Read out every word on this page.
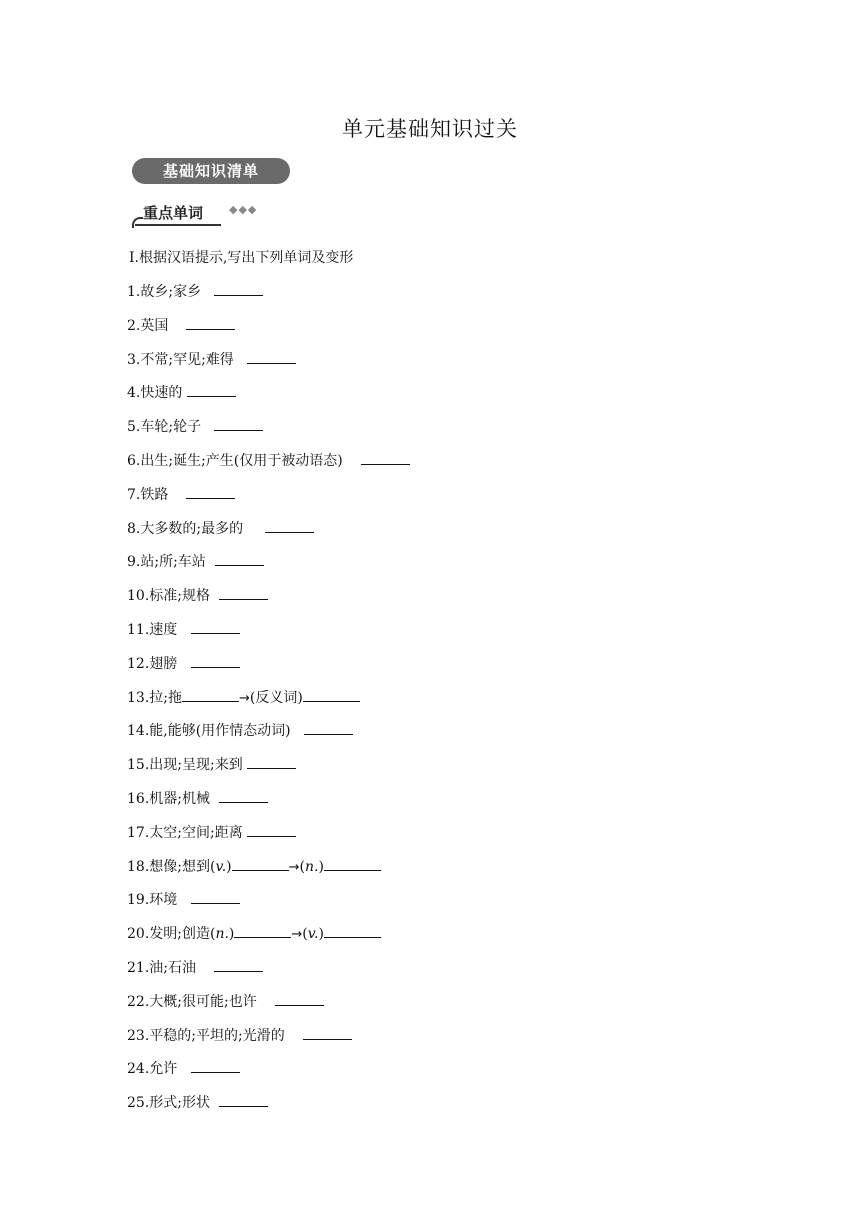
单元基础知识过关
基础知识清单
重点单词 ◆◆◆
Ⅰ.根据汉语提示,写出下列单词及变形
1.故乡;家乡
2.英国
3.不常;罕见;难得
4.快速的
5.车轮;轮子
6.出生;诞生;产生(仅用于被动语态)
7.铁路
8.大多数的;最多的
9.站;所;车站
10.标准;规格
11.速度
12.翅膀
13.拉;拖	→(反义词)
14.能,能够(用作情态动词)
15.出现;呈现;来到
16.机器;机械
17.太空;空间;距离
18.想像;想到(v.)	→(n.)
19.环境
20.发明;创造(n.)	→(v.)
21.油;石油
22.大概;很可能;也许
23.平稳的;平坦的;光滑的
24.允许
25.形式;形状
